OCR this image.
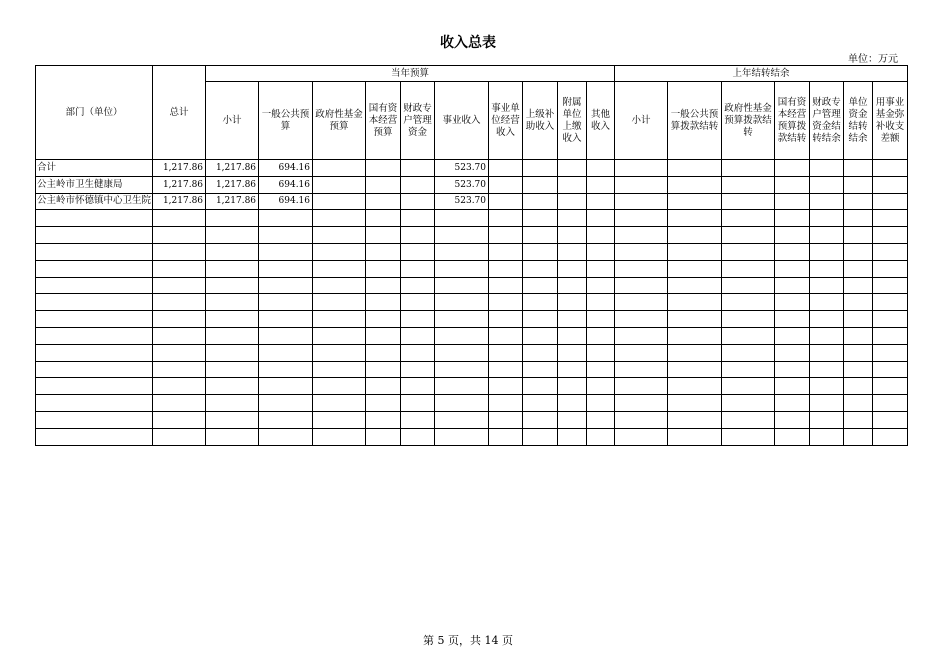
收入总表
单位：万元
部门（单位）	总计	当年预算										上年结转结余						
		小计	一般公共预算	政府性基金预算	国有资本经营预算	财政专户管理资金	事业收入	事业单位经营收入	上级补助收入	附属单位上缴收入	其他收入	小计	一般公共预算拨款结转	政府性基金预算拨款结转	国有资本经营预算拨款结转	财政专户管理资金结转结余	单位资金结转结余	用事业基金弥补收支差额
合计	1,217.86	1,217.86	694.16				523.70											
公主岭市卫生健康局	1,217.86	1,217.86	694.16				523.70											
公主岭市怀德镇中心卫生院	1,217.86	1,217.86	694.16				523.70											

第 5 页，共 14 页
